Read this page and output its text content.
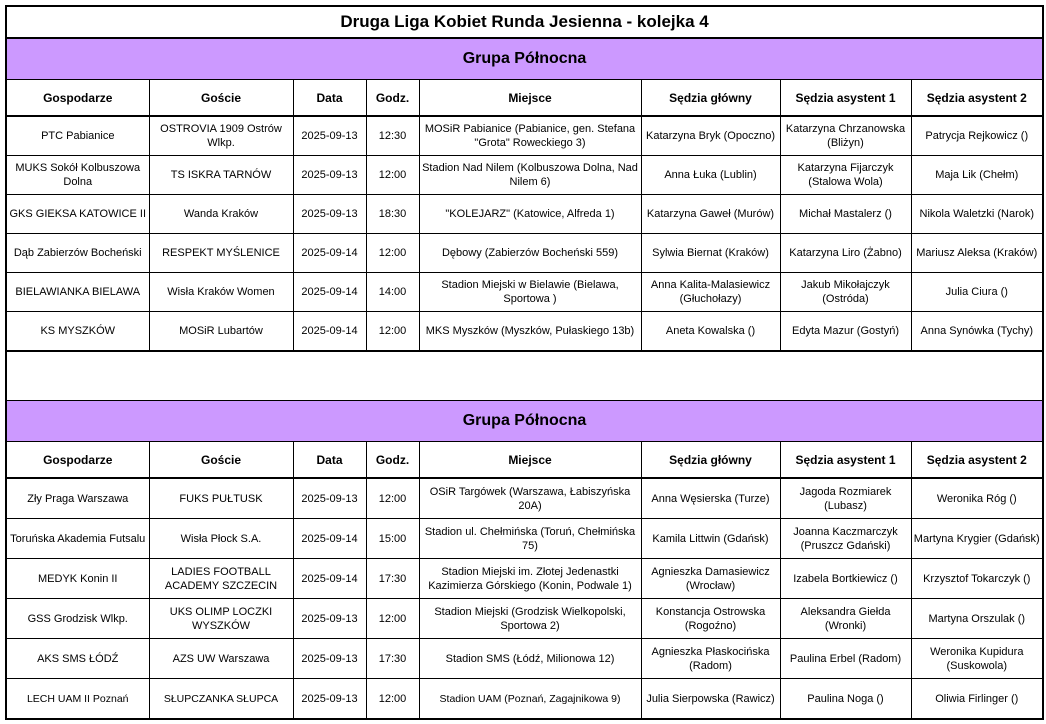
Druga Liga Kobiet Runda Jesienna - kolejka 4							
Grupa Północna							
Gospodarze	Goście	Data	Godz.	Miejsce	Sędzia główny	Sędzia asystent 1	Sędzia asystent 2
PTC Pabianice	OSTROVIA 1909 Ostrów Wlkp.	2025-09-13	12:30	MOSiR Pabianice (Pabianice, gen. Stefana "Grota" Roweckiego 3)	Katarzyna Bryk (Opoczno)	Katarzyna Chrzanowska (Bliżyn)	Patrycja Rejkowicz ()
MUKS Sokół Kolbuszowa Dolna	TS ISKRA TARNÓW	2025-09-13	12:00	Stadion Nad Nilem (Kolbuszowa Dolna, Nad Nilem 6)	Anna Łuka (Lublin)	Katarzyna Fijarczyk (Stalowa Wola)	Maja Lik (Chełm)
GKS GIEKSA KATOWICE II	Wanda Kraków	2025-09-13	18:30	"KOLEJARZ" (Katowice, Alfreda 1)	Katarzyna Gaweł (Murów)	Michał Mastalerz ()	Nikola Waletzki (Narok)
Dąb Zabierzów Bocheński	RESPEKT MYŚLENICE	2025-09-14	12:00	Dębowy (Zabierzów Bocheński 559)	Sylwia Biernat (Kraków)	Katarzyna Liro (Żabno)	Mariusz Aleksa (Kraków)
BIELAWIANKA BIELAWA	Wisła Kraków Women	2025-09-14	14:00	Stadion Miejski w Bielawie (Bielawa, Sportowa )	Anna Kalita-Malasiewicz (Głuchołazy)	Jakub Mikołajczyk (Ostróda)	Julia Ciura ()
KS MYSZKÓW	MOSiR Lubartów	2025-09-14	12:00	MKS Myszków (Myszków, Pułaskiego 13b)	Aneta Kowalska ()	Edyta Mazur (Gostyń)	Anna Synówka (Tychy)

Grupa Północna							
Gospodarze	Goście	Data	Godz.	Miejsce	Sędzia główny	Sędzia asystent 1	Sędzia asystent 2
Zły Praga Warszawa	FUKS PUŁTUSK	2025-09-13	12:00	OSiR Targówek (Warszawa, Łabiszyńska 20A)	Anna Węsierska (Turze)	Jagoda Rozmiarek (Lubasz)	Weronika Róg ()
Toruńska Akademia Futsalu	Wisła Płock S.A.	2025-09-14	15:00	Stadion ul. Chełmińska (Toruń, Chełmińska 75)	Kamila Littwin (Gdańsk)	Joanna Kaczmarczyk (Pruszcz Gdański)	Martyna Krygier (Gdańsk)
MEDYK Konin II	LADIES FOOTBALL ACADEMY SZCZECIN	2025-09-14	17:30	Stadion Miejski im. Złotej Jedenastki Kazimierza Górskiego (Konin, Podwale 1)	Agnieszka Damasiewicz (Wrocław)	Izabela Bortkiewicz ()	Krzysztof Tokarczyk ()
GSS Grodzisk Wlkp.	UKS OLIMP LOCZKI WYSZKÓW	2025-09-13	12:00	Stadion Miejski (Grodzisk Wielkopolski, Sportowa 2)	Konstancja Ostrowska (Rogoźno)	Aleksandra Giełda (Wronki)	Martyna Orszulak ()
AKS SMS ŁÓDŹ	AZS UW Warszawa	2025-09-13	17:30	Stadion SMS (Łódź, Milionowa 12)	Agnieszka Płaskocińska (Radom)	Paulina Erbel (Radom)	Weronika Kupidura (Suskowola)
LECH UAM II Poznań	SŁUPCZANKA SŁUPCA	2025-09-13	12:00	Stadion UAM (Poznań, Zagajnikowa 9)	Julia Sierpowska (Rawicz)	Paulina Noga ()	Oliwia Firlinger ()
